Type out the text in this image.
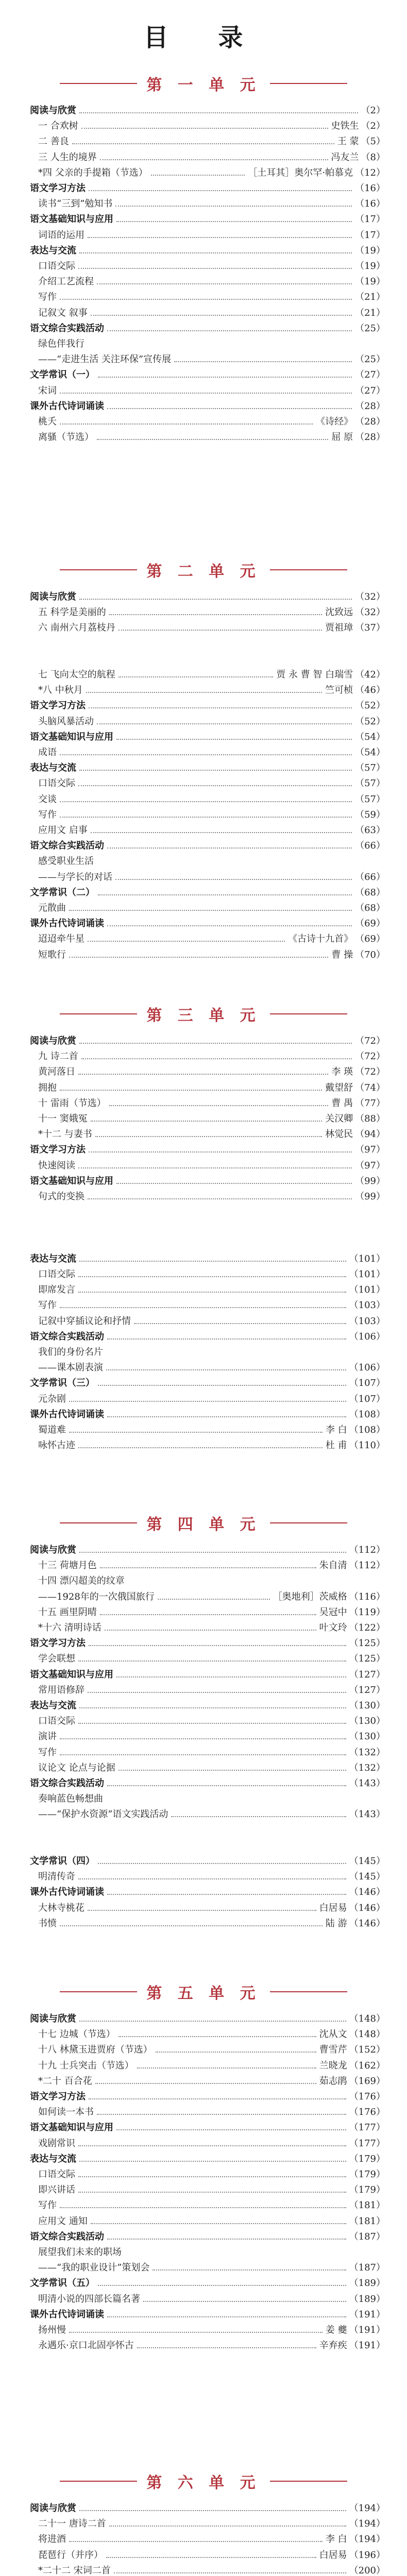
目 录
第 一 单 元
阅读与欣赏	（2）
一 合欢树	史铁生 （2）
二 善良	王 蒙 （5）
三 人生的境界	冯友兰 （8）
*四 父亲的手提箱（节选）	［土耳其］奥尔罕·帕慕克 （12）
语文学习方法	（16）
读书“三到”勉知书	（16）
语文基础知识与应用	（17）
词语的运用	（17）
表达与交流	（19）
口语交际	（19）
介绍工艺流程	（19）
写作	（21）
记叙文 叙事	（21）
语文综合实践活动	（25）
绿色伴我行
——“走进生活 关注环保”宣传展	（25）
文学常识（一）	（27）
宋词	（27）
课外古代诗词诵读	（28）
桃夭	《诗经》 （28）
离骚（节选）	屈 原 （28）
第 二 单 元
阅读与欣赏	（32）
五 科学是美丽的	沈致远 （32）
六 南州六月荔枝丹	贾祖璋 （37）
七 飞向太空的航程	贾 永 曹 智 白瑞雪 （42）
*八 中秋月	竺可桢 （46）
语文学习方法	（52）
头脑风暴活动	（52）
语文基础知识与应用	（54）
成语	（54）
表达与交流	（57）
口语交际	（57）
交谈	（57）
写作	（59）
应用文 启事	（63）
语文综合实践活动	（66）
感受职业生活
——与学长的对话	（66）
文学常识（二）	（68）
元散曲	（68）
课外古代诗词诵读	（69）
迢迢牵牛星	《古诗十九首》 （69）
短歌行	曹 操 （70）
第 三 单 元
阅读与欣赏	（72）
九 诗二首	（72）
黄河落日	李 瑛 （72）
拥抱	戴望舒 （74）
十 雷雨（节选）	曹 禺 （77）
十一 窦娥冤	关汉卿 （88）
*十二 与妻书	林觉民 （94）
语文学习方法	（97）
快速阅读	（97）
语文基础知识与应用	（99）
句式的变换	（99）
表达与交流	（101）
口语交际	（101）
即席发言	（101）
写作	（103）
记叙中穿插议论和抒情	（103）
语文综合实践活动	（106）
我们的身份名片
——课本剧表演	（106）
文学常识（三）	（107）
元杂剧	（107）
课外古代诗词诵读	（108）
蜀道难	李 白 （108）
咏怀古迹	杜 甫 （110）
第 四 单 元
阅读与欣赏	（112）
十三 荷塘月色	朱自清 （112）
十四 漂闪超美的纹章
——1928年的一次俄国旅行	［奥地利］茨威格 （116）
十五 画里阴晴	吴冠中 （119）
*十六 清明诗话	叶文玲 （122）
语文学习方法	（125）
学会联想	（125）
语文基础知识与应用	（127）
常用语修辞	（127）
表达与交流	（130）
口语交际	（130）
演讲	（130）
写作	（132）
议论文 论点与论据	（132）
语文综合实践活动	（143）
奏响蓝色畅想曲
——“保护水资源”语文实践活动	（143）
文学常识（四）	（145）
明清传奇	（145）
课外古代诗词诵读	（146）
大林寺桃花	白居易 （146）
书愤	陆 游 （146）
第 五 单 元
阅读与欣赏	（148）
十七 边城（节选）	沈从文 （148）
十八 林黛玉进贾府（节选）	曹雪芹 （152）
十九 士兵突击（节选）	兰晓龙 （162）
*二十 百合花	茹志鹃 （169）
语文学习方法	（176）
如何读一本书	（176）
语文基础知识与应用	（177）
戏剧常识	（177）
表达与交流	（179）
口语交际	（179）
即兴讲话	（179）
写作	（181）
应用文 通知	（181）
语文综合实践活动	（187）
展望我们未来的职场
——“我的职业设计”策划会	（187）
文学常识（五）	（189）
明清小说的四部长篇名著	（189）
课外古代诗词诵读	（191）
扬州慢	姜 夔 （191）
永遇乐·京口北固亭怀古	辛弃疾 （191）
第 六 单 元
阅读与欣赏	（194）
二十一 唐诗二首	（194）
将进酒	李 白 （194）
琵琶行（并序）	白居易 （196）
*二十二 宋词二首	（200）
